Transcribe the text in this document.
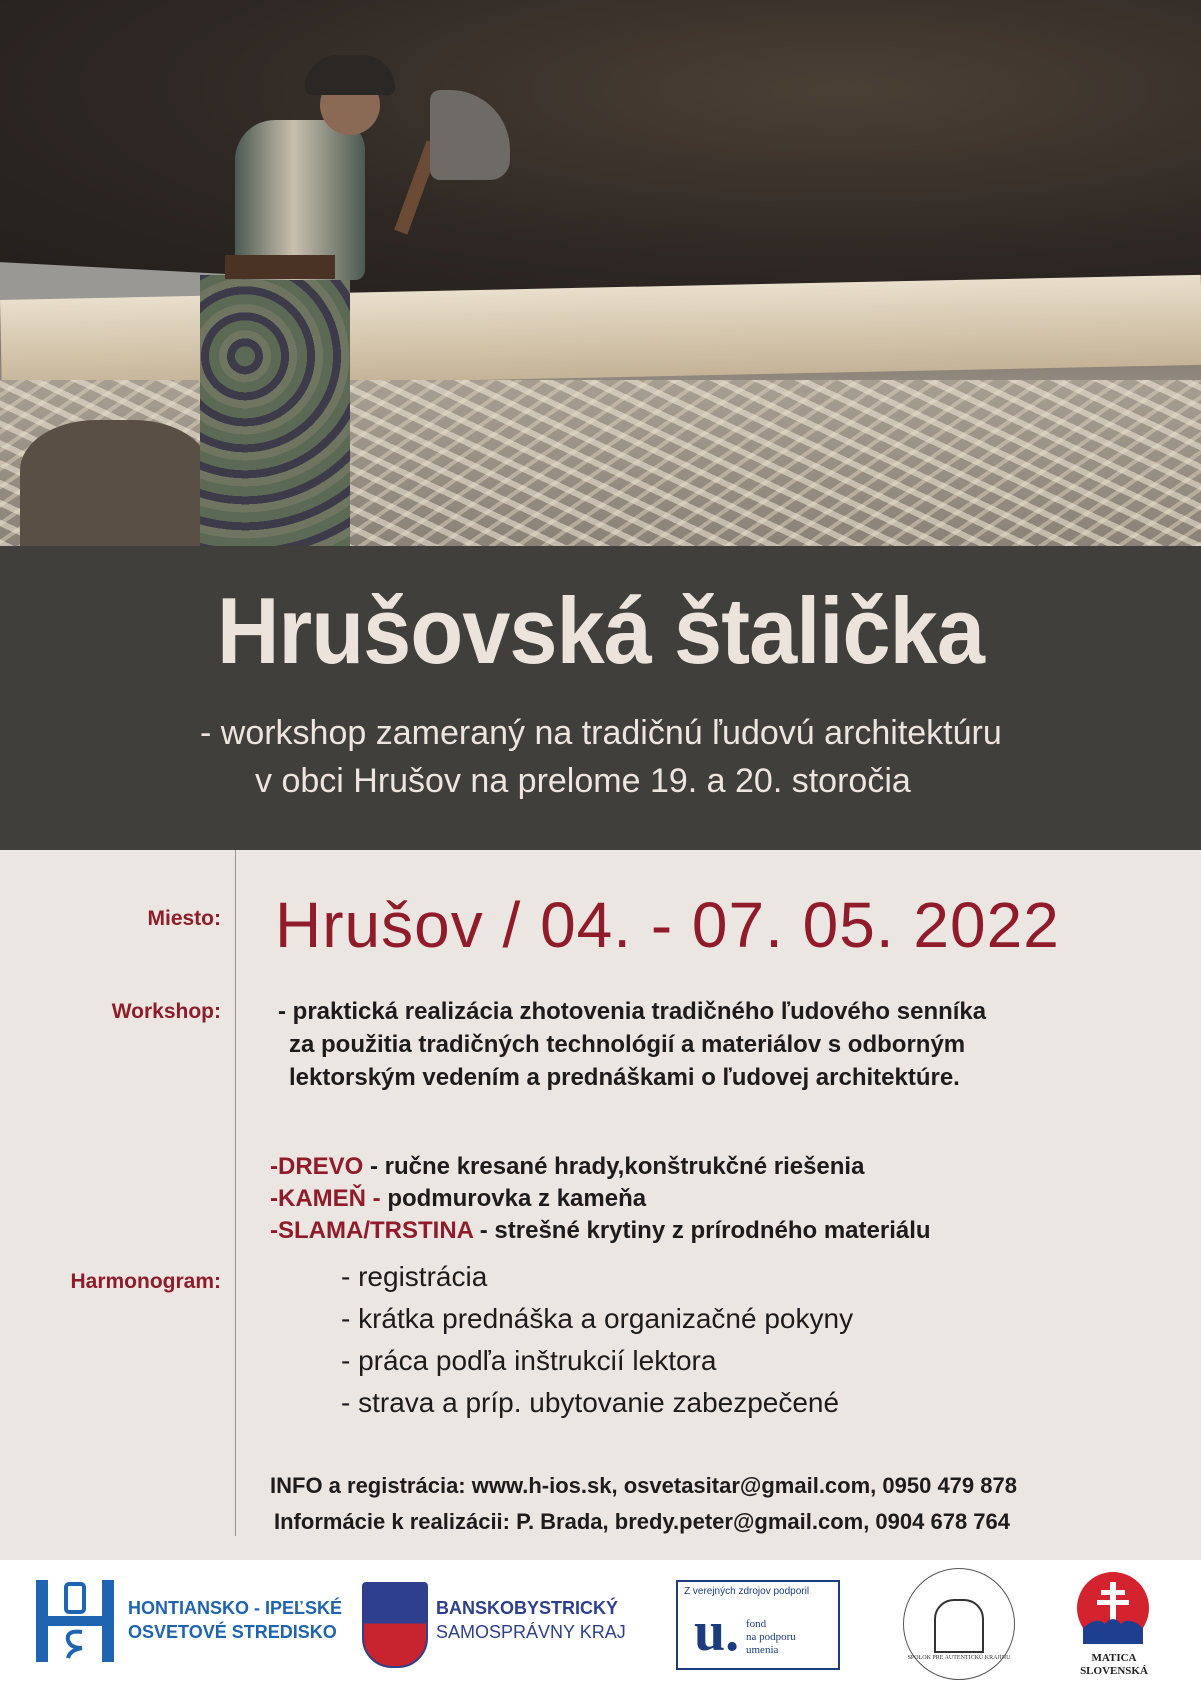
Hrušovská štalička
- workshop zameraný na tradičnú ľudovú architektúru
v obci Hrušov na prelome 19. a 20. storočia
Miesto: Hrušov / 04. - 07. 05. 2022
Workshop: - praktická realizácia zhotovenia tradičného ľudového senníka
za použitia tradičných technológií a materiálov s odborným
lektorským vedením a prednáškami o ľudovej architektúre.
-DREVO - ručne kresané hrady,konštrukčné riešenia
-KAMEŇ - podmurovka z kameňa
-SLAMA/TRSTINA - strešné krytiny z prírodného materiálu
Harmonogram:	- registrácia
- krátka prednáška a organizačné pokyny
- práca podľa inštrukcií lektora
- strava a príp. ubytovanie zabezpečené
INFO a registrácia: www.h-ios.sk, osvetasitar@gmail.com, 0950 479 878
Informácie k realizácii: P. Brada, bredy.peter@gmail.com, 0904 678 764
HONTIANSKO - IPEĽSKÉ
OSVETOVÉ STREDISKO
BANSKOBYSTRICKÝ
SAMOSPRÁVNY KRAJ
Z verejných zdrojov podporil
u. fond
na podporu
umenia
SPOLOK PRE AUTENTICKÚ KRAJINU	MATICA
SLOVENSKÁ
